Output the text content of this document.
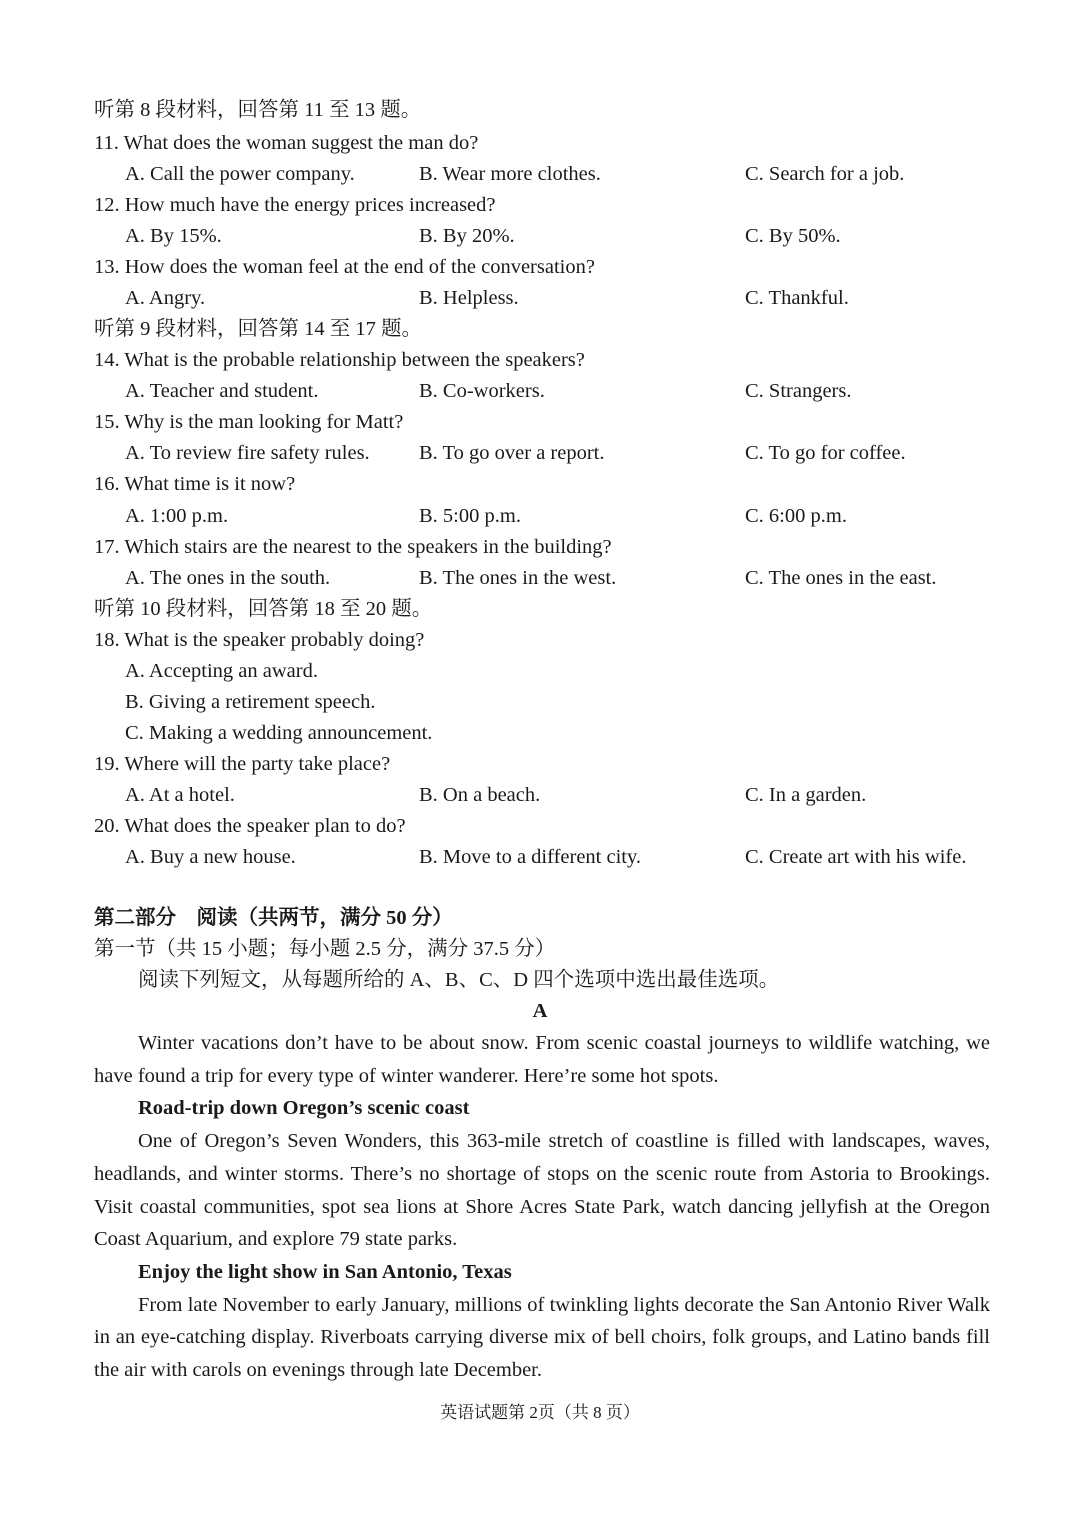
听第 8 段材料，回答第 11 至 13 题。
11. What does the woman suggest the man do?
A. Call the power company.	B. Wear more clothes.	C. Search for a job.
12. How much have the energy prices increased?
A. By 15%.	B. By 20%.	C. By 50%.
13. How does the woman feel at the end of the conversation?
A. Angry.	B. Helpless.	C. Thankful.
听第 9 段材料，回答第 14 至 17 题。
14. What is the probable relationship between the speakers?
A. Teacher and student.	B. Co-workers.	C. Strangers.
15. Why is the man looking for Matt?
A. To review fire safety rules. B. To go over a report.	C. To go for coffee.
16. What time is it now?
A. 1:00 p.m.	B. 5:00 p.m.	C. 6:00 p.m.
17. Which stairs are the nearest to the speakers in the building?
A. The ones in the south.	B. The ones in the west.	C. The ones in the east.
听第 10 段材料，回答第 18 至 20 题。
18. What is the speaker probably doing?
A. Accepting an award.
B. Giving a retirement speech.
C. Making a wedding announcement.
19. Where will the party take place?
A. At a hotel.	B. On a beach.	C. In a garden.
20. What does the speaker plan to do?
A. Buy a new house.	B. Move to a different city.	C. Create art with his wife.
第二部分　阅读（共两节，满分 50 分）
第一节（共 15 小题；每小题 2.5 分，满分 37.5 分）
阅读下列短文，从每题所给的 A、B、C、D 四个选项中选出最佳选项。
A

Winter vacations don’t have to be about snow. From scenic coastal journeys to wildlife watching, we have found a trip for every type of winter wanderer. Here’re some hot spots.

Road-trip down Oregon’s scenic coast

One of Oregon’s Seven Wonders, this 363-mile stretch of coastline is filled with landscapes, waves, headlands, and winter storms. There’s no shortage of stops on the scenic route from Astoria to Brookings. Visit coastal communities, spot sea lions at Shore Acres State Park, watch dancing jellyfish at the Oregon Coast Aquarium, and explore 79 state parks.

Enjoy the light show in San Antonio, Texas

From late November to early January, millions of twinkling lights decorate the San Antonio River Walk in an eye-catching display. Riverboats carrying diverse mix of bell choirs, folk groups, and Latino bands fill the air with carols on evenings through late December.

英语试题第 2页（共 8 页）
